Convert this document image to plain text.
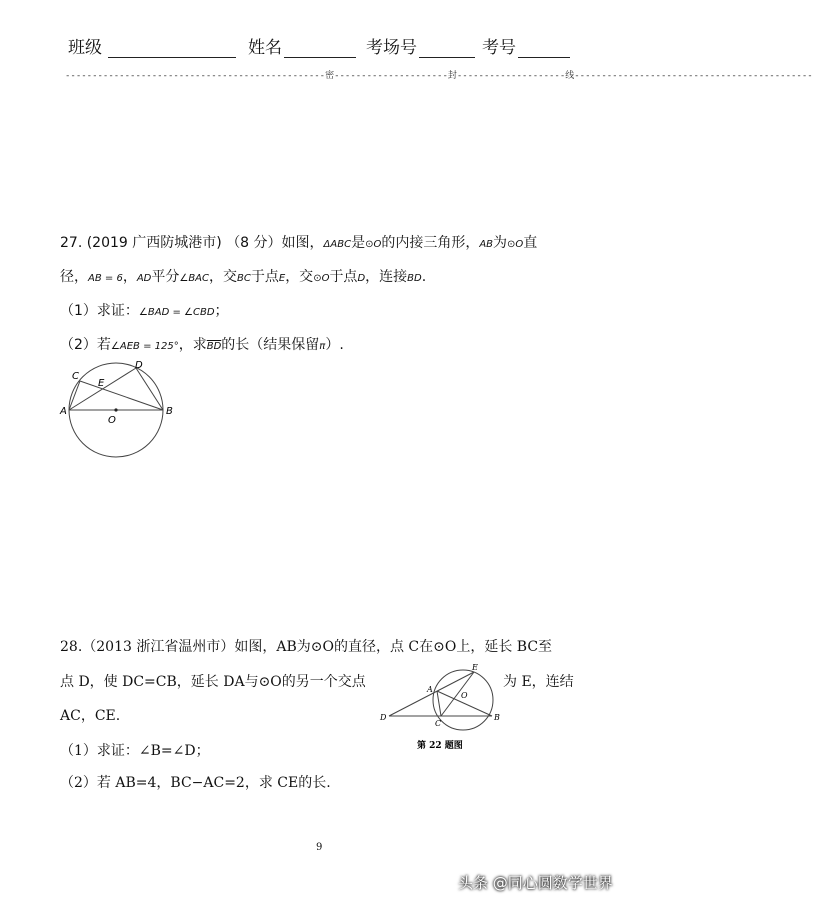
班级	姓名	考场号	考号
------------------------------------------------密---------------------封--------------------线--------------------------------------------
27. (2019 广西防城港市) （8 分）如图，ΔABC是⊙O的内接三角形，AB为⊙O直
径，AB = 6，AD平分∠BAC，交BC于点E，交⊙O于点D，连接BD.
（1）求证：∠BAD = ∠CBD；
（2）若∠AEB = 125°，求$\overline{BD}$的长（结果保留π）.
A	B
C
D
E
O
28.（2013 浙江省温州市）如图，AB为⊙O的直径，点 C在⊙O上，延长 BC至
点 D，使 DC=CB，延长 DA与⊙O的另一个交点	为 E，连结
AC，CE.
（1）求证：∠B=∠D；
（2）若 AB=4，BC−AC=2，求 CE的长.
D
A
B
C
E
O
第 22 题图
9
头条 @同心圆数学世界
